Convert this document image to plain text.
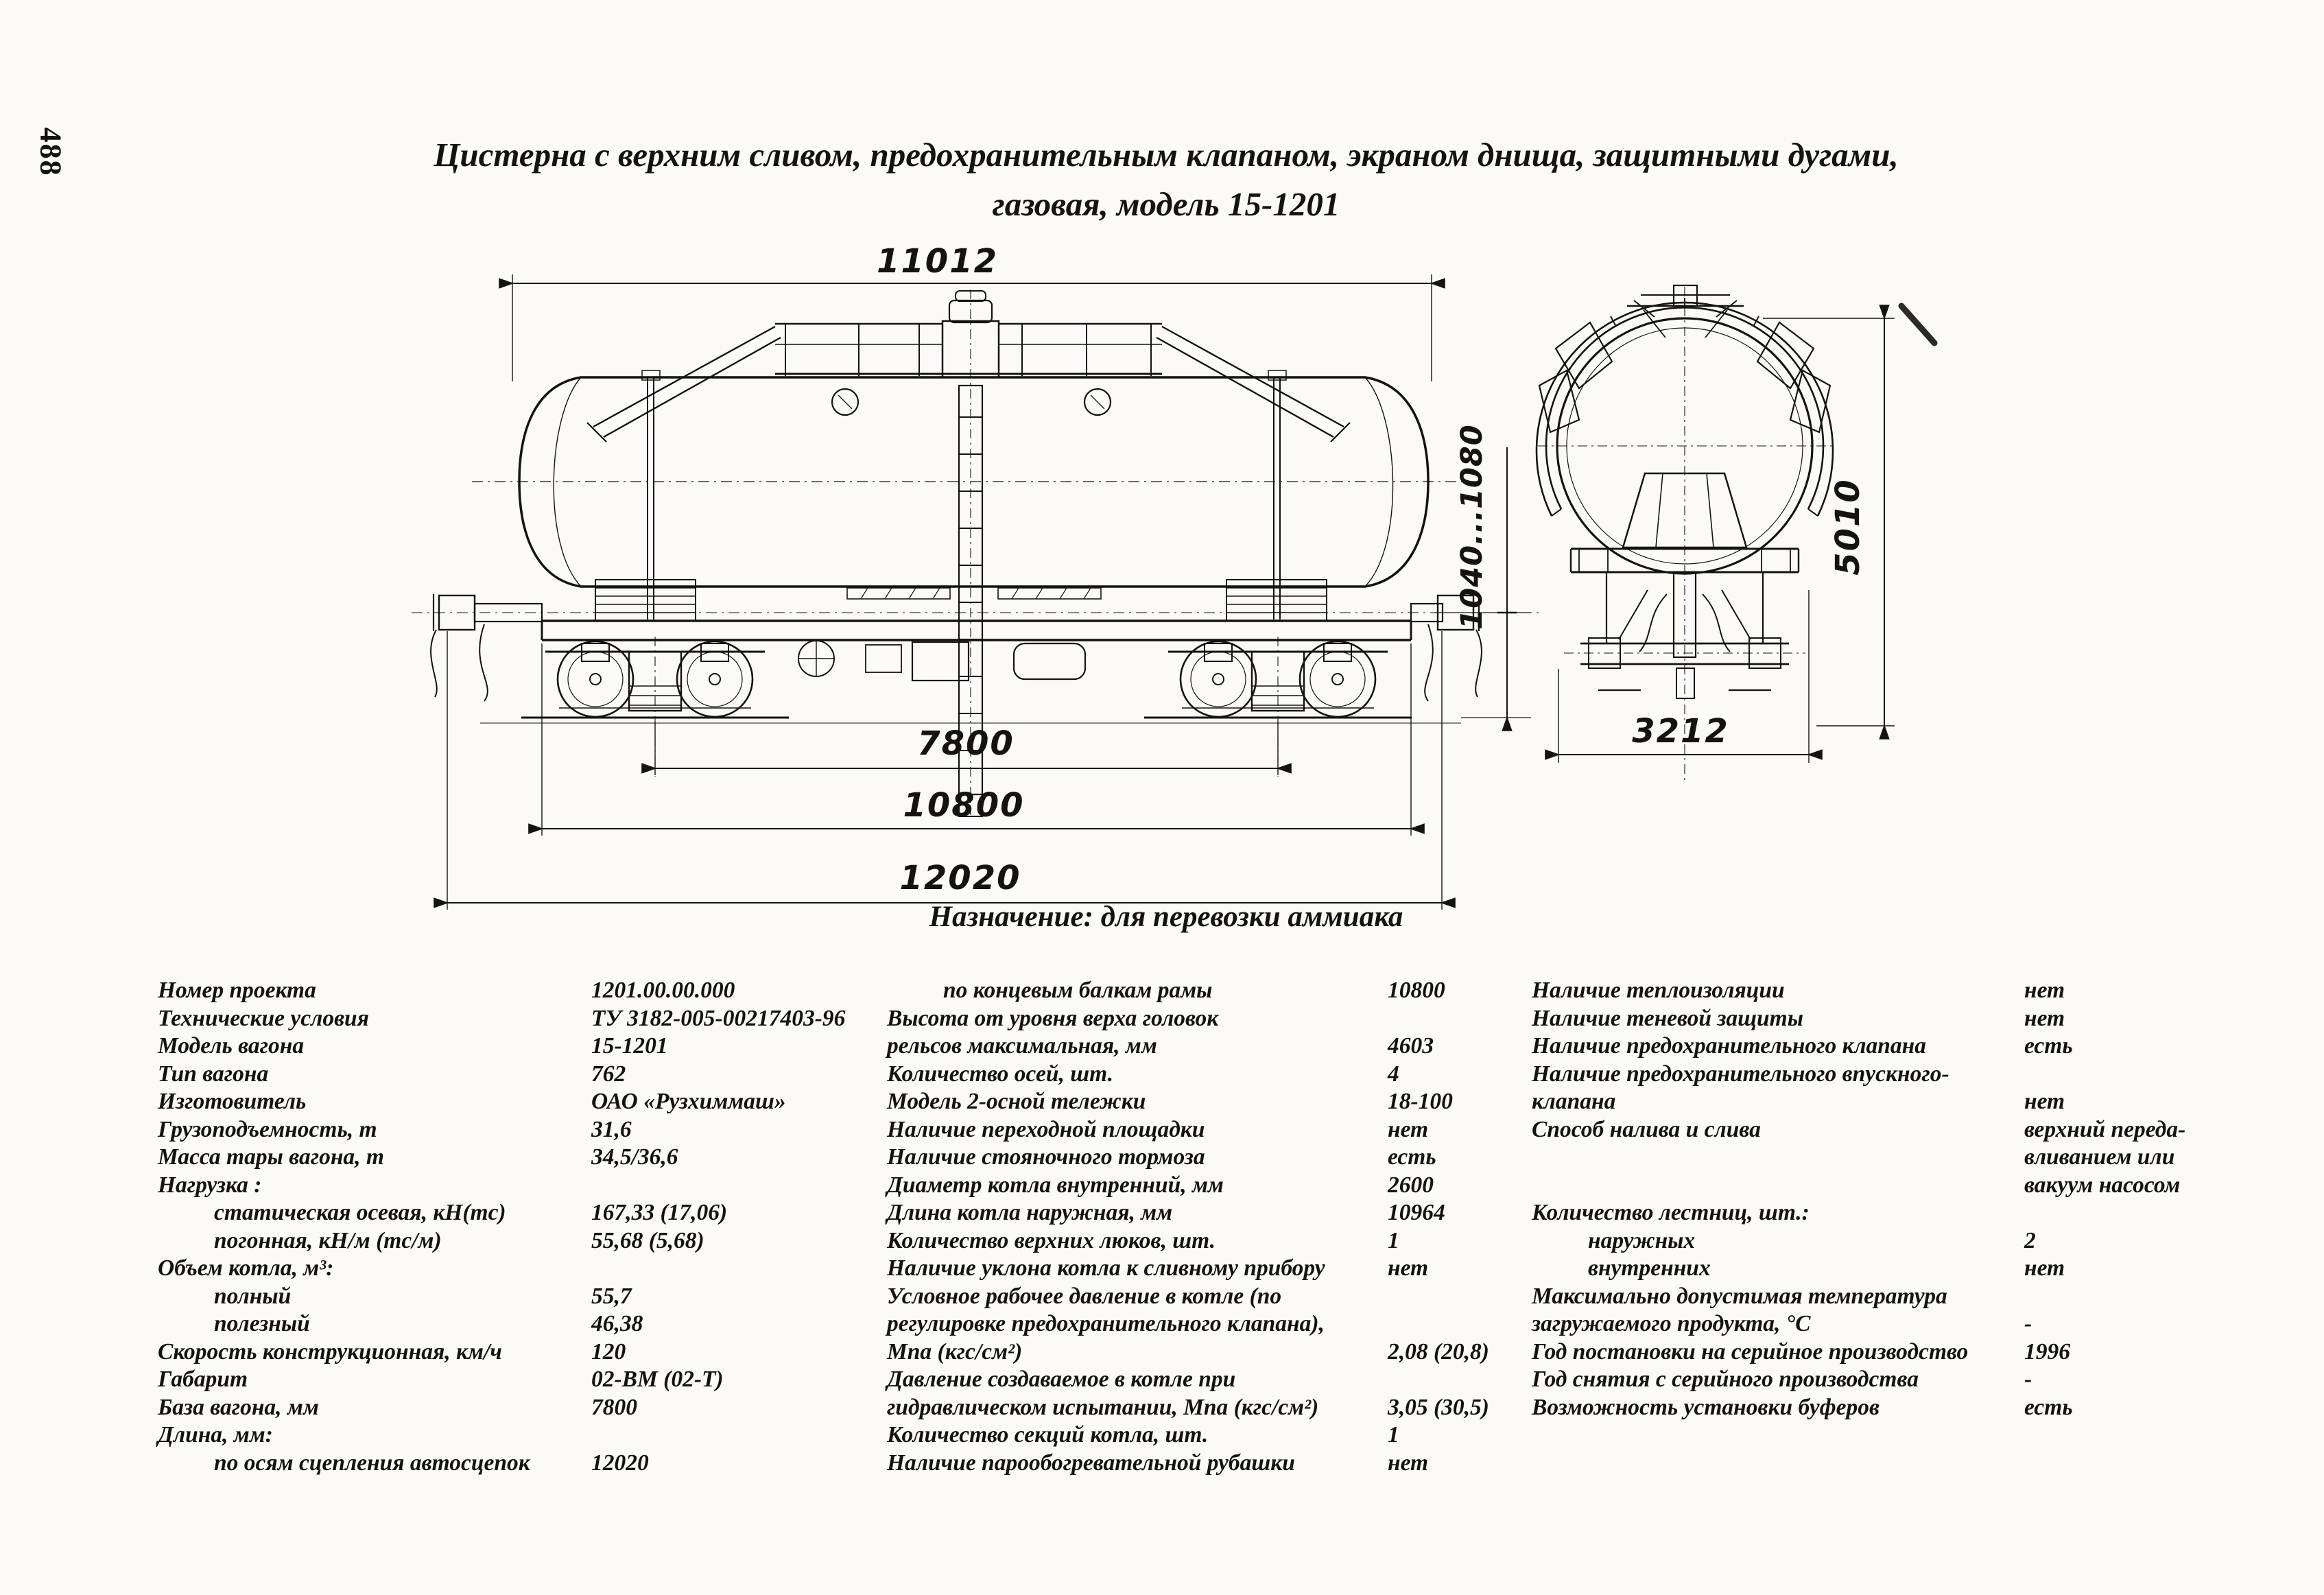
488	Цистерна с верхним сливом, предохранительным клапаном, экраном днища, защитными дугами,
газовая, модель 15-1201
11012
7800
10800
12020
1040...1080
3212
5010
Назначение: для перевозки аммиака
Номер проекта	1201.00.00.000
Технические условия	ТУ 3182-005-00217403-96
Модель вагона	15-1201
Тип вагона	762
Изготовитель	ОАО «Рузхиммаш»
Грузоподъемность, т	31,6
Масса тары вагона, т	34,5/36,6
Нагрузка :
статическая осевая, кН(тс)	167,33 (17,06)
погонная, кН/м (тс/м)	55,68 (5,68)
Объем котла, м³:
полный	55,7
полезный	46,38
Скорость конструкционная, км/ч	120
Габарит	02-ВМ (02-Т)
База вагона, мм	7800
Длина, мм:
по осям сцепления автосцепок	12020
по концевым балкам рамы	10800
Высота от уровня верха головок
рельсов максимальная, мм	4603
Количество осей, шт.	4
Модель 2-осной тележки	18-100
Наличие переходной площадки	нет
Наличие стояночного тормоза	есть
Диаметр котла внутренний, мм	2600
Длина котла наружная, мм	10964
Количество верхних люков, шт.	1
Наличие уклона котла к сливному прибору	нет
Условное рабочее давление в котле (по
регулировке предохранительного клапана),
Мпа (кгс/см²)	2,08 (20,8)
Давление создаваемое в котле при
гидравлическом испытании, Мпа (кгс/см²)	3,05 (30,5)
Количество секций котла, шт.	1
Наличие парообогревательной рубашки	нет
Наличие теплоизоляции	нет
Наличие теневой защиты	нет
Наличие предохранительного клапана	есть
Наличие предохранительного впускного-
клапана	нет
Способ налива и слива	верхний переда-
вливанием или
вакуум насосом
Количество лестниц, шт.:
наружных	2
внутренних	нет
Максимально допустимая температура
загружаемого продукта, °С	-
Год постановки на серийное производство	1996
Год снятия с серийного производства	-
Возможность установки буферов	есть
